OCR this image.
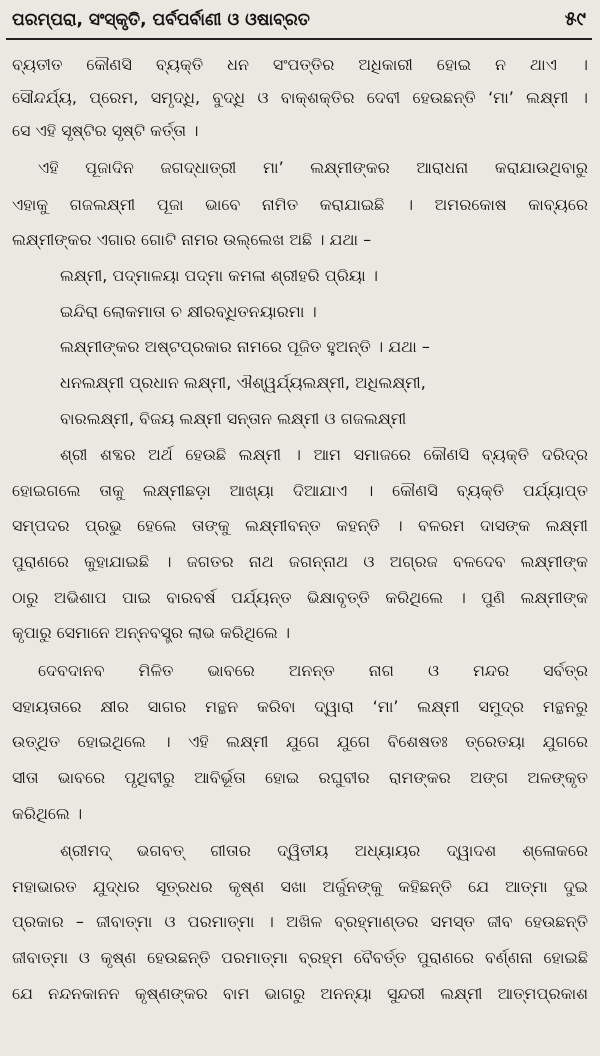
ପରମ୍ପରା, ସଂସ୍କୃତି, ପର୍ବପର୍ବାଣୀ ଓ ଓଷାବ୍ରତ	୫୯
ବ୍ୟତୀତ କୌଣସି ବ୍ୟକ୍ତି ଧନ ସଂପତ୍ତିର ଅଧିକାରୀ ହୋଇ ନ ଥାଏ ।
ସୌନ୍ଦର୍ଯ୍ୟ, ପ୍ରେମ, ସମୃଦ୍ଧି, ବୁଦ୍ଧି ଓ ବାକ୍‌ଶକ୍ତିର ଦେବୀ ହେଉଛନ୍ତି ‘ମା’ ଲକ୍ଷ୍ମୀ ।
ସେ ଏହି ସୃଷ୍ଟିର ସୃଷ୍ଟି କର୍ତ୍ତା ।
ଏହି ପୂଜାଦିନ ଜଗଦ୍ଧାତ୍ରୀ ମା’ ଲକ୍ଷ୍ମୀଙ୍କର ଆରାଧନା କରାଯାଉଥିବାରୁ
ଏହାକୁ ଗଜଲକ୍ଷ୍ମୀ ପୂଜା ଭାବେ ନାମିତ କରାଯାଇଛି । ଅମରକୋଷ କାବ୍ୟରେ
ଲକ୍ଷ୍ମୀଙ୍କର ଏଗାର ଗୋଟି ନାମର ଉଲ୍ଲେଖ ଅଛି । ଯଥା –
ଲକ୍ଷ୍ମୀ, ପଦ୍ମାଳୟା ପଦ୍ମା କମଳା ଶ୍ରୀହରି ପ୍ରିୟା ।
ଇନ୍ଦିରା ଲୋକମାତା ଚ କ୍ଷୀରବ୍ଧିତନୟାରମା ।
ଲକ୍ଷ୍ମୀଙ୍କର ଅଷ୍ଟପ୍ରକାର ନାମରେ ପୂଜିତ ହୁଅନ୍ତି । ଯଥା –
ଧନଲକ୍ଷ୍ମୀ ପ୍ରଧାନ ଲକ୍ଷ୍ମୀ, ଐଶ୍ୱର୍ଯ୍ୟଲକ୍ଷ୍ମୀ, ଅଧିଲକ୍ଷ୍ମୀ,
ବାରଲକ୍ଷ୍ମୀ, ବିଜୟ ଲକ୍ଷ୍ମୀ ସନ୍ତାନ ଲକ୍ଷ୍ମୀ ଓ ଗଜଲକ୍ଷ୍ମୀ
ଶ୍ରୀ ଶବ୍ଦର ଅର୍ଥ ହେଉଛି ଲକ୍ଷ୍ମୀ । ଆମ ସମାଜରେ କୌଣସି ବ୍ୟକ୍ତି ଦରିଦ୍ର
ହୋଇଗଲେ ତାକୁ ଲକ୍ଷ୍ମୀଛଡ଼ା ଆଖ୍ୟା ଦିଆଯାଏ । କୌଣସି ବ୍ୟକ୍ତି ପର୍ଯ୍ୟାପ୍ତ
ସମ୍ପଦର ପ୍ରଭୁ ହେଲେ ତାଙ୍କୁ ଲକ୍ଷ୍ମୀବନ୍ତ କହନ୍ତି । ବଳରମ ଦାସଙ୍କ ଲକ୍ଷ୍ମୀ
ପୁରାଣରେ କୁହାଯାଇଛି । ଜଗତର ନାଥ ଜଗନ୍ନାଥ ଓ ଅଗ୍ରଜ ବଳଦେବ ଲକ୍ଷ୍ମୀଙ୍କ
ଠାରୁ ଅଭିଶାପ ପାଇ ବାରବର୍ଷ ପର୍ଯ୍ୟନ୍ତ ଭିକ୍ଷାବୃତ୍ତି କରିଥିଲେ । ପୁଣି ଲକ୍ଷ୍ମୀଙ୍କ
କୃପାରୁ ସେମାନେ ଅନ୍ନବସ୍ତ୍ର ଲାଭ କରିଥିଲେ ।
ଦେବଦାନବ ମିଳିତ ଭାବରେ ଅନନ୍ତ ନାଗ ଓ ମନ୍ଦର ସର୍ବତ୍ର
ସହାୟତାରେ କ୍ଷୀର ସାଗର ମନ୍ଥନ କରିବା ଦ୍ୱାରା ‘ମା’ ଲକ୍ଷ୍ମୀ ସମୁଦ୍ର ମନ୍ଥନରୁ
ଉତ୍‌ଥିତ ହୋଇଥିଲେ । ଏହି ଲକ୍ଷ୍ମୀ ଯୁଗେ ଯୁଗେ ବିଶେଷତଃ ତ୍ରେତୟା ଯୁଗରେ
ସୀତା ଭାବରେ ପୃଥିବୀରୁ ଆବିର୍ଭୂତା ହୋଇ ରଘୁବୀର ରାମଙ୍କର ଅଙ୍ଗ ଅଳଙ୍କୃତ
କରିଥିଲେ ।
ଶ୍ରୀମଦ୍ ଭଗବତ୍ ଗୀତାର ଦ୍ୱିତୀୟ ଅଧ୍ୟାୟର ଦ୍ୱାଦଶ ଶ୍ଳୋକରେ
ମହାଭାରତ ଯୁଦ୍ଧର ସୂତ୍ରଧର କୃଷ୍ଣ ସଖା ଅର୍ଜୁନଙ୍କୁ କହିଛନ୍ତି ଯେ ଆତ୍ମା ଦୁଇ
ପ୍ରକାର – ଜୀବାତ୍ମା ଓ ପରମାତ୍ମା । ଅଖିଳ ବ୍ରହ୍ମାଣ୍ଡର ସମସ୍ତ ଜୀବ ହେଉଛନ୍ତି
ଜୀବାତ୍ମା ଓ କୃଷ୍ଣ ହେଉଛନ୍ତି ପରମାତ୍ମା ବ୍ରହ୍ମ ବୈବର୍ତ୍ତ ପୁରାଣରେ ବର୍ଣ୍ଣନା ହୋଇଛି
ଯେ ନନ୍ଦନକାନନ କୃଷ୍ଣଙ୍କର ବାମ ଭାଗରୁ ଅନନ୍ୟା ସୁନ୍ଦରୀ ଲକ୍ଷ୍ମୀ ଆତ୍ମପ୍ରକାଶ
